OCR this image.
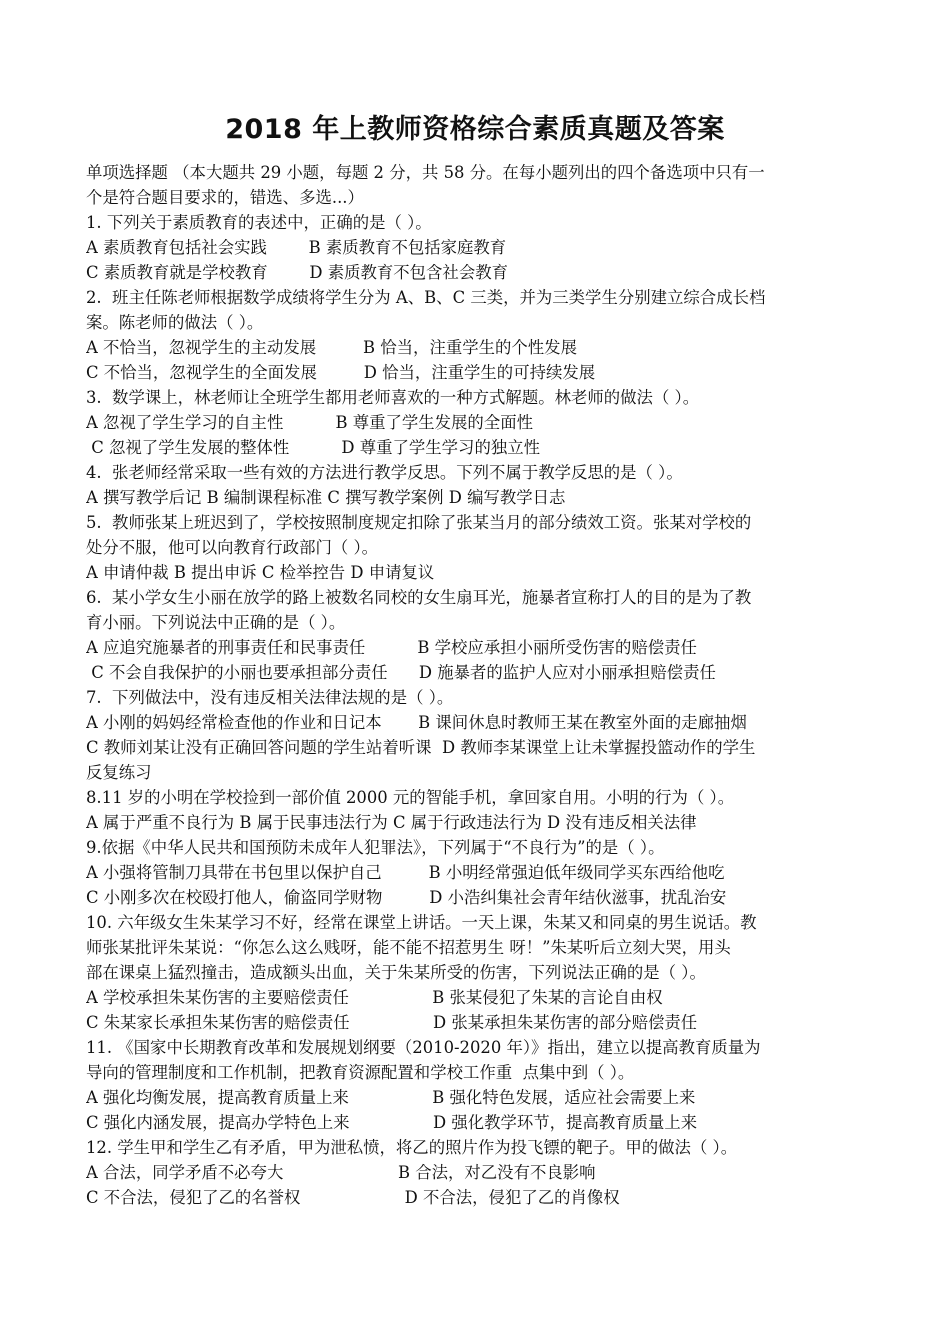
2018 年上教师资格综合素质真题及答案
单项选择题 （本大题共 29 小题，每题 2 分，共 58 分。在每小题列出的四个备选项中只有一
个是符合题目要求的，错选、多选...）
1. 下列关于素质教育的表述中，正确的是（ ）。
A 素质教育包括社会实践        B 素质教育不包括家庭教育
C 素质教育就是学校教育        D 素质教育不包含社会教育
2.  班主任陈老师根据数学成绩将学生分为 A、B、C 三类，并为三类学生分别建立综合成长档
案。陈老师的做法（ ）。
A 不恰当，忽视学生的主动发展         B 恰当，注重学生的个性发展
C 不恰当，忽视学生的全面发展         D 恰当，注重学生的可持续发展
3.  数学课上，林老师让全班学生都用老师喜欢的一种方式解题。林老师的做法（ ）。
A 忽视了学生学习的自主性          B 尊重了学生发展的全面性
C 忽视了学生发展的整体性          D 尊重了学生学习的独立性
4.  张老师经常采取一些有效的方法进行教学反思。下列不属于教学反思的是（ ）。
A 撰写教学后记 B 编制课程标准 C 撰写教学案例 D 编写教学日志
5.  教师张某上班迟到了，学校按照制度规定扣除了张某当月的部分绩效工资。张某对学校的
处分不服，他可以向教育行政部门（ ）。
A 申请仲裁 B 提出申诉 C 检举控告 D 申请复议
6.  某小学女生小丽在放学的路上被数名同校的女生扇耳光，施暴者宣称打人的目的是为了教
育小丽。下列说法中正确的是（ ）。
A 应追究施暴者的刑事责任和民事责任          B 学校应承担小丽所受伤害的赔偿责任
C 不会自我保护的小丽也要承担部分责任      D 施暴者的监护人应对小丽承担赔偿责任
7.  下列做法中，没有违反相关法律法规的是（ ）。
A 小刚的妈妈经常检查他的作业和日记本       B 课间休息时教师王某在教室外面的走廊抽烟
C 教师刘某让没有正确回答问题的学生站着听课  D 教师李某课堂上让未掌握投篮动作的学生
反复练习
8.11 岁的小明在学校捡到一部价值 2000 元的智能手机，拿回家自用。小明的行为（ ）。
A 属于严重不良行为 B 属于民事违法行为 C 属于行政违法行为 D 没有违反相关法律
9.依据《中华人民共和国预防未成年人犯罪法》，下列属于“不良行为”的是（ ）。
A 小强将管制刀具带在书包里以保护自己         B 小明经常强迫低年级同学买东西给他吃
C 小刚多次在校殴打他人，偷盗同学财物         D 小浩纠集社会青年结伙滋事，扰乱治安
10. 六年级女生朱某学习不好，经常在课堂上讲话。一天上课，朱某又和同桌的男生说话。教
师张某批评朱某说：“你怎么这么贱呀，能不能不招惹男生 呀！”朱某听后立刻大哭，用头
部在课桌上猛烈撞击，造成额头出血，关于朱某所受的伤害，下列说法正确的是（ ）。
A 学校承担朱某伤害的主要赔偿责任                B 张某侵犯了朱某的言论自由权
C 朱某家长承担朱某伤害的赔偿责任                D 张某承担朱某伤害的部分赔偿责任
11. 《国家中长期教育改革和发展规划纲要（2010-2020 年）》指出，建立以提高教育质量为
导向的管理制度和工作机制，把教育资源配置和学校工作重  点集中到（ ）。
A 强化均衡发展，提高教育质量上来                B 强化特色发展，适应社会需要上来
C 强化内涵发展，提高办学特色上来                D 强化教学环节，提高教育质量上来
12. 学生甲和学生乙有矛盾，甲为泄私愤，将乙的照片作为投飞镖的靶子。甲的做法（ ）。
A 合法，同学矛盾不必夸大                      B 合法，对乙没有不良影响
C 不合法，侵犯了乙的名誉权                    D 不合法，侵犯了乙的肖像权
